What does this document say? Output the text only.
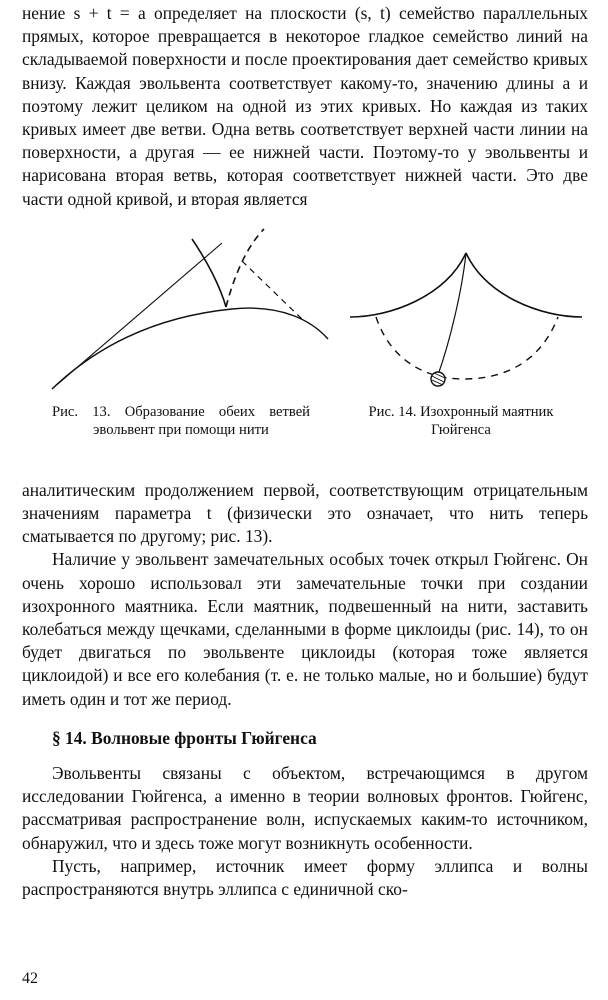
нение s + t = a определяет на плоскости (s, t) семейство параллельных прямых, которое превращается в некоторое гладкое семейство линий на складываемой поверхности и после проектирования дает семейство кривых внизу. Каждая эвольвента соответствует какому-то, значению длины a и поэтому лежит целиком на одной из этих кривых. Но каждая из таких кривых имеет две ветви. Одна ветвь соответствует верхней части линии на поверхности, а другая — ее нижней части. Поэтому-то у эвольвенты и нарисована вторая ветвь, которая соответствует нижней части. Это две части одной кривой, и вторая является

Рис. 13. Образование обеих ветвей эвольвент при помощи нити
Рис. 14. Изохронный маятник Гюйгенса

аналитическим продолжением первой, соответствующим отрицательным значениям параметра t (физически это означает, что нить теперь сматывается по другому; рис. 13).

Наличие у эвольвент замечательных особых точек открыл Гюйгенс. Он очень хорошо использовал эти замечательные точки при создании изохронного маятника. Если маятник, подвешенный на нити, заставить колебаться между щечками, сделанными в форме циклоиды (рис. 14), то он будет двигаться по эвольвенте циклоиды (которая тоже является циклоидой) и все его колебания (т. е. не только малые, но и большие) будут иметь один и тот же период.

§ 14. Волновые фронты Гюйгенса

Эвольвенты связаны с объектом, встречающимся в другом исследовании Гюйгенса, а именно в теории волновых фронтов. Гюйгенс, рассматривая распространение волн, испускаемых каким-то источником, обнаружил, что и здесь тоже могут возникнуть особенности.

Пусть, например, источник имеет форму эллипса и волны распространяются внутрь эллипса с единичной ско-

42
